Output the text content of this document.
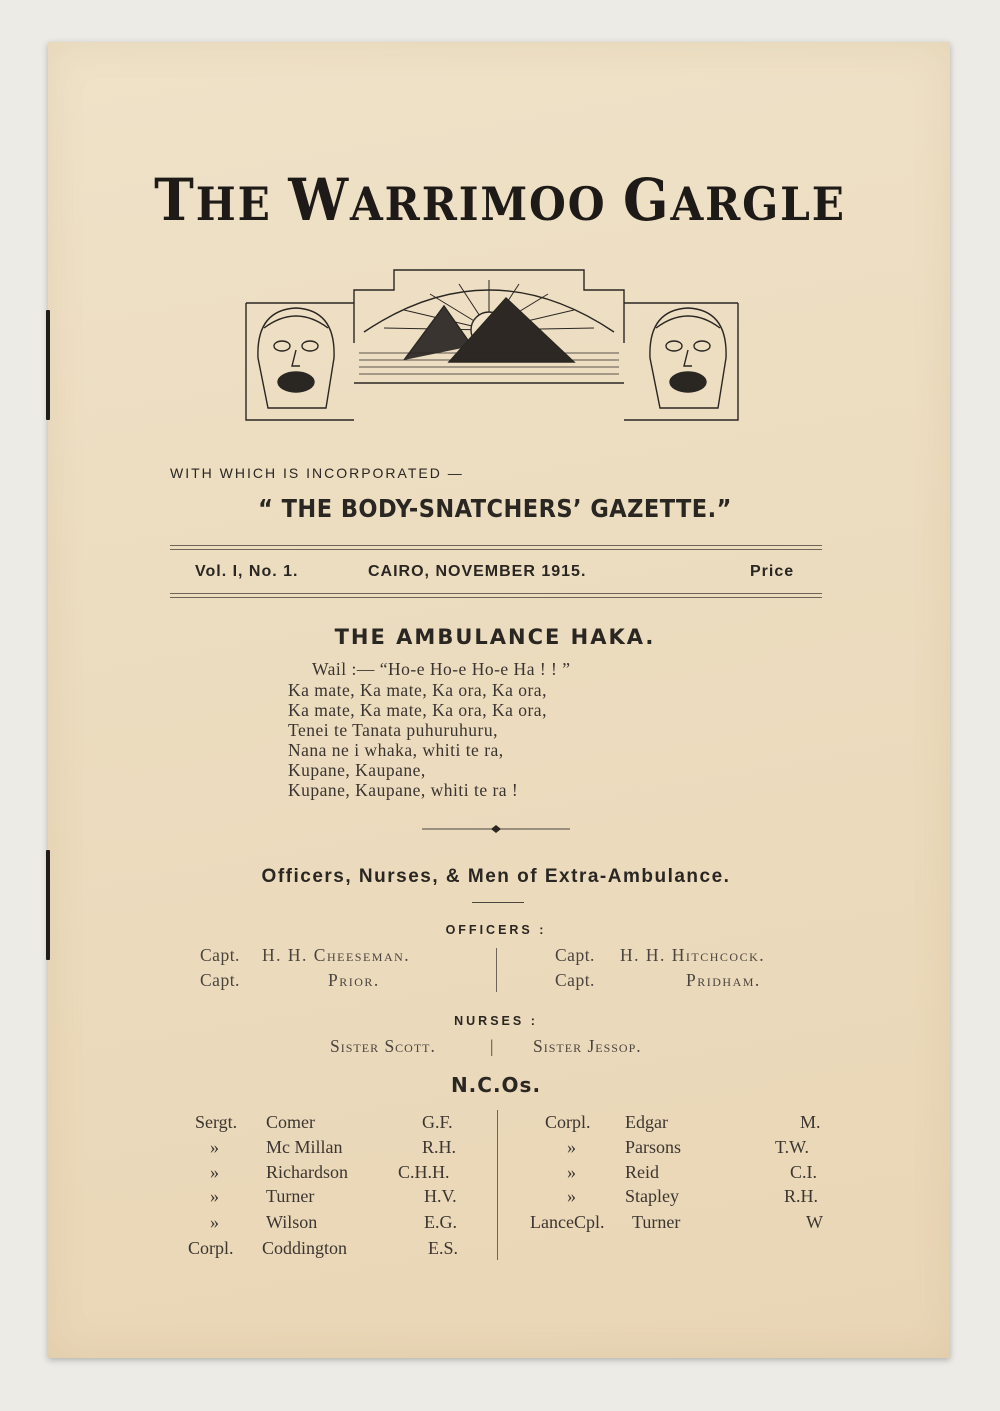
THE WARRIMOO GARGLE
WITH WHICH IS INCORPORATED —
“ THE BODY-SNATCHERS’ GAZETTE.”
Vol. I, No. 1.	CAIRO, NOVEMBER 1915.	Price
THE AMBULANCE HAKA.
Wail :— “Ho-e Ho-e Ho-e Ha ! ! ”
Ka mate, Ka mate, Ka ora, Ka ora,
Ka mate, Ka mate, Ka ora, Ka ora,
Tenei te Tanata puhuruhuru,
Nana ne i whaka, whiti te ra,
Kupane, Kaupane,
Kupane, Kaupane, whiti te ra !
Officers, Nurses, & Men of Extra-Ambulance.
OFFICERS :
Capt. H. H. Cheeseman.
Capt.	Prior.
Capt. H. H. Hitchcock.
Capt.	Pridham.
NURSES :
Sister Scott.	| Sister Jessop.
N.C.Os.
Sergt. Comer	G.F.
»	Mc Millan	R.H.
»	Richardson	C.H.H.
»	Turner	H.V.
»	Wilson	E.G.
Corpl. Coddington	E.S.
Corpl. Edgar	M.
»	Parsons	T.W.
»	Reid	C.I.
»	Stapley	R.H.
LanceCpl. Turner	W
